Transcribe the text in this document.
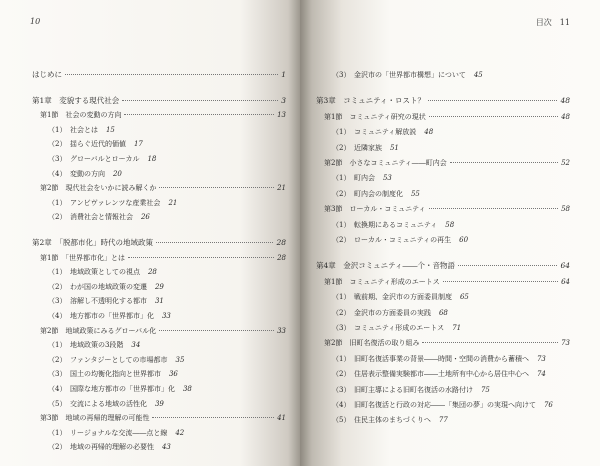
10
はじめに	1
第1章　変貌する現代社会	3
第1節　社会の変動の方向	13
（1）　社会とは 15
（2）　揺らぐ近代的価値 17
（3）　グローバルとローカル 18
（4）　変動の方向 20
第2節　現代社会をいかに読み解くか	21
（1）　アンビヴァレンツな産業社会 21
（2）　消費社会と情報社会 26
第2章　「脱都市化」時代の地域政策	28
第1節　「世界都市化」とは	28
（1）　地域政策としての視点 28
（2）　わが国の地域政策の変遷 29
（3）　溶解し不透明化する都市 31
（4）　地方都市の「世界都市」化 33
第2節　地域政策にみるグローバル化	33
（1）　地域政策の3段階 34
（2）　ファンタジーとしての市場都市 35
（3）　国土の均衡化指向と世界都市 36
（4）　国際な地方都市の「世界都市」化 38
（5）　交流による地域の活性化 39
第3節　地域の再帰的理解の可能性	41
（1）　リージョナルな交流――点と線 42
（2）　地域の再帰的理解の必要性 43
目次　11
（3）　金沢市の「世界都市構想」について 45
第3章　コミュニティ・ロスト？	48
第1節　コミュニティ研究の現状	48
（1）　コミュニティ解放説 48
（2）　近隣家族 51
第2節　小さなコミュニティ――町内会	52
（1）　町内会 53
（2）　町内会の制度化 55
第3節　ローカル・コミュニティ	58
（1）　転換期にあるコミュニティ 58
（2）　ローカル・コミュニティの再生 60
第4章　金沢コミュニティ――个・音物語	64
第1節　コミュニティ形成のエートス	64
（1）　戦前期、金沢市の方面委員制度 65
（2）　金沢市の方面委員の実践 68
（3）　コミュニティ形成のエートス 71
第2節　旧町名復活の取り組み	73
（1）　旧町名復活事業の背景――時間・空間の消費から蓄積へ 73
（2）　住居表示整備実験都市――土地所有中心から居住中心へ 74
（3）　旧町主導による旧町名復活の水路付け 75
（4）　旧町名復活と行政の対応――「集団の夢」の実現へ向けて 76
（5）　住民主体のまちづくりへ 77
